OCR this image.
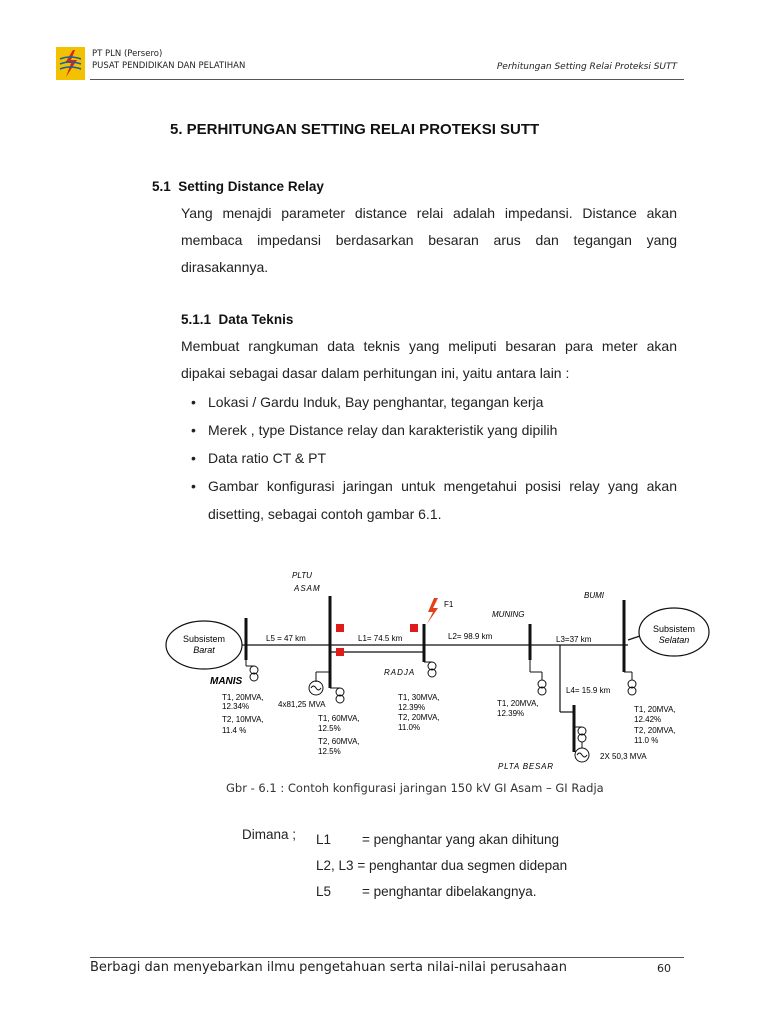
PT PLN (Persero)
PUSAT PENDIDIKAN DAN PELATIHAN	Perhitungan Setting Relai Proteksi SUTT
5. PERHITUNGAN SETTING RELAI PROTEKSI SUTT
5.1 Setting Distance Relay
Yang menajdi parameter distance relai adalah impedansi. Distance akan membaca impedansi berdasarkan besaran arus dan tegangan yang dirasakannya.
5.1.1 Data Teknis
Membuat rangkuman data teknis yang meliputi besaran para meter akan dipakai sebagai dasar dalam perhitungan ini, yaitu antara lain :
• Lokasi / Gardu Induk, Bay penghantar, tegangan kerja
• Merek , type Distance relay dan karakteristik yang dipilih
• Data ratio CT & PT
• Gambar konfigurasi jaringan untuk mengetahui posisi relay yang akan disetting, sebagai contoh gambar 6.1.
Subsistem
Barat
Subsistem
Selatan
F1
PLTU
ASAM
BUMI
MUNING
L5 = 47 km	L1= 74.5 km	L2= 98.9 km	L3=37 km
L4= 15.9 km
MANIS
T1, 20MVA,
12.34%
T2, 10MVA,
11.4 %
4x81,25 MVA
T1, 60MVA,
12.5%
T2, 60MVA,
12.5%
RADJA
T1, 30MVA,
12.39%
T2, 20MVA,
11.0%
T1, 20MVA,
12.39%
2X 50,3 MVA
PLTA BESAR
T1, 20MVA,
12.42%
T2, 20MVA,
11.0 %
Gbr - 6.1 : Contoh konfigurasi jaringan 150 kV GI Asam – GI Radja
Dimana ; L1 = penghantar yang akan dihitung
L2, L3 = penghantar dua segmen didepan
L5 = penghantar dibelakangnya.
Berbagi dan menyebarkan ilmu pengetahuan serta nilai-nilai perusahaan	60
